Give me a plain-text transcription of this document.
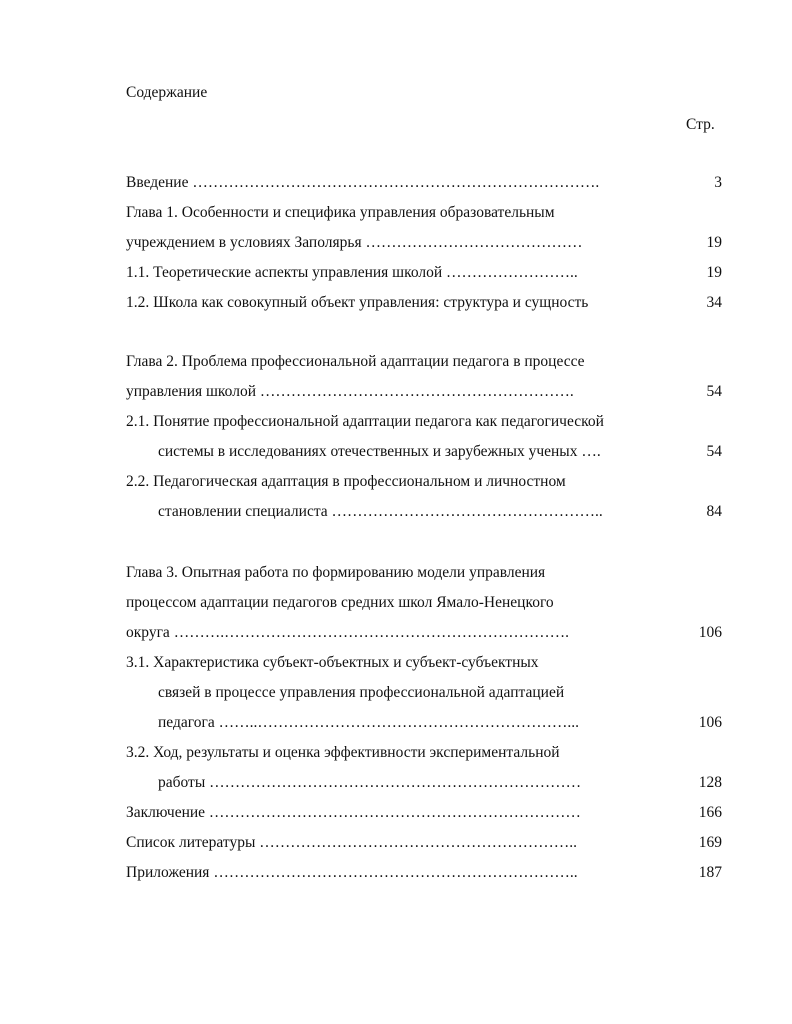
Содержание
Стр.
Введение …………………………………………………………………….	3
Глава 1. Особенности и специфика управления образовательным
учреждением в условиях Заполярья ……………………………………	19
1.1. Теоретические аспекты управления школой ……………………..	19
1.2. Школа как совокупный объект управления: структура и сущность	34
Глава 2. Проблема профессиональной адаптации педагога в процессе
управления школой …………………………………………………….	54
2.1. Понятие профессиональной адаптации педагога как педагогической
системы в исследованиях отечественных и зарубежных ученых ….	54
2.2. Педагогическая адаптация в профессиональном и личностном
становлении специалиста ……………………………………………..	84
Глава 3. Опытная работа по формированию модели управления
процессом адаптации педагогов средних школ Ямало-Ненецкого
округа ……….………………………………………………………….	106
3.1. Характеристика субъект-объектных и субъект-субъектных
связей в процессе управления профессиональной адаптацией
педагога ……..……………………………………………………...	106
3.2. Ход, результаты и оценка эффективности экспериментальной
работы ………………………………………………………………	128
Заключение ………………………………………………………………	166
Список литературы ……………………………………………………..	169
Приложения ……………………………………………………………..	187
